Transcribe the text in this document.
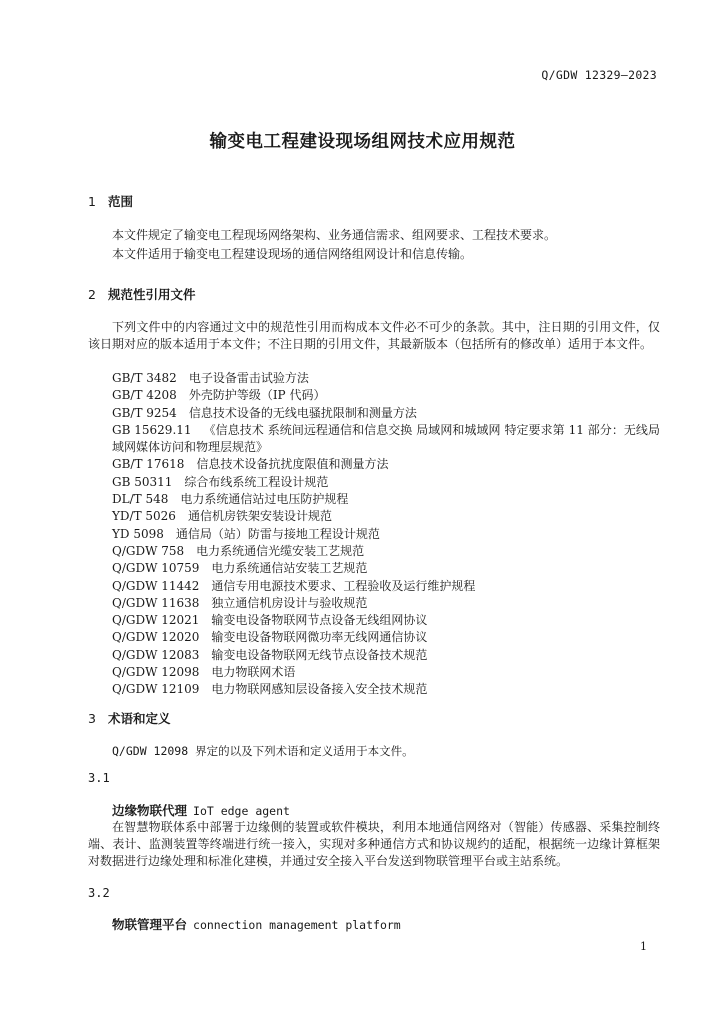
Q/GDW 12329—2023
输变电工程建设现场组网技术应用规范
1 范围
本文件规定了输变电工程现场网络架构、业务通信需求、组网要求、工程技术要求。
本文件适用于输变电工程建设现场的通信网络组网设计和信息传输。
2 规范性引用文件
下列文件中的内容通过文中的规范性引用而构成本文件必不可少的条款。其中，注日期的引用文件，仅该日期对应的版本适用于本文件；不注日期的引用文件，其最新版本（包括所有的修改单）适用于本文件。
GB/T 3482 电子设备雷击试验方法
GB/T 4208 外壳防护等级（IP 代码）
GB/T 9254 信息技术设备的无线电骚扰限制和测量方法
GB 15629.11 《信息技术 系统间远程通信和信息交换 局域网和城域网 特定要求第 11 部分：无线局域网媒体访问和物理层规范》
GB/T 17618 信息技术设备抗扰度限值和测量方法
GB 50311 综合布线系统工程设计规范
DL/T 548 电力系统通信站过电压防护规程
YD/T 5026 通信机房铁架安装设计规范
YD 5098 通信局（站）防雷与接地工程设计规范
Q/GDW 758 电力系统通信光缆安装工艺规范
Q/GDW 10759 电力系统通信站安装工艺规范
Q/GDW 11442 通信专用电源技术要求、工程验收及运行维护规程
Q/GDW 11638 独立通信机房设计与验收规范
Q/GDW 12021 输变电设备物联网节点设备无线组网协议
Q/GDW 12020 输变电设备物联网微功率无线网通信协议
Q/GDW 12083 输变电设备物联网无线节点设备技术规范
Q/GDW 12098 电力物联网术语
Q/GDW 12109 电力物联网感知层设备接入安全技术规范
3 术语和定义
Q/GDW 12098 界定的以及下列术语和定义适用于本文件。
3.1
边缘物联代理 IoT edge agent
在智慧物联体系中部署于边缘侧的装置或软件模块，利用本地通信网络对（智能）传感器、采集控制终端、表计、监测装置等终端进行统一接入，实现对多种通信方式和协议规约的适配，根据统一边缘计算框架对数据进行边缘处理和标准化建模，并通过安全接入平台发送到物联管理平台或主站系统。
3.2
物联管理平台 connection management platform
1
